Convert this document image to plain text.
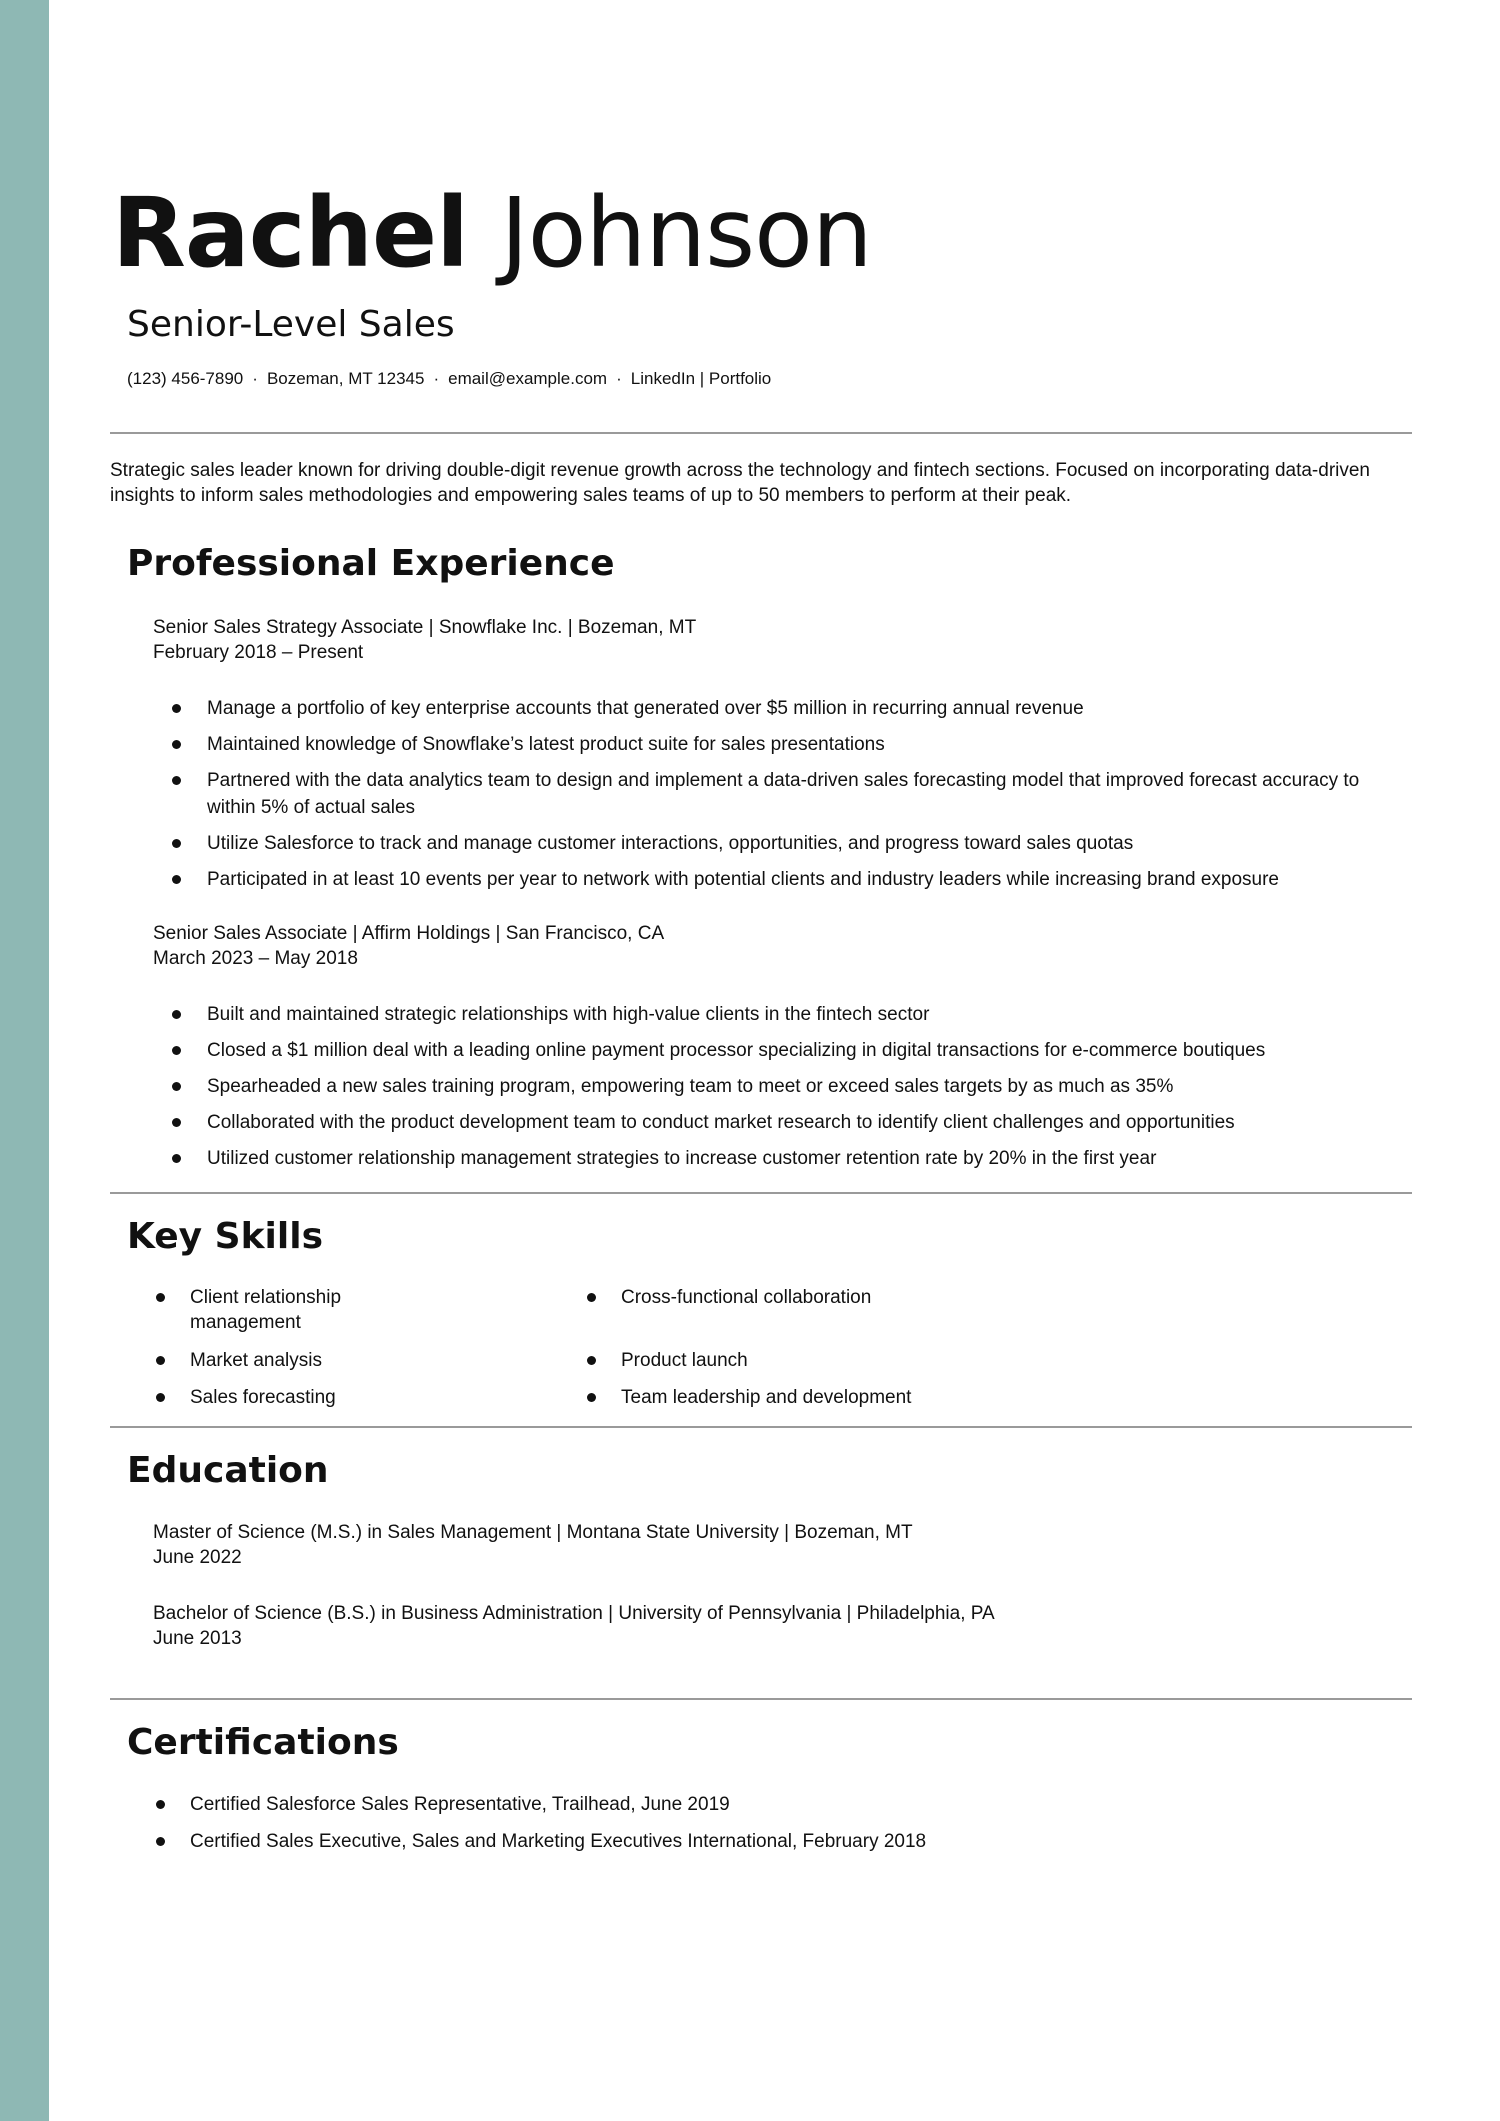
Rachel Johnson
Senior-Level Sales
(123) 456-7890 · Bozeman, MT 12345 · email@example.com · LinkedIn | Portfolio

Strategic sales leader known for driving double-digit revenue growth across the technology and fintech sections. Focused on incorporating data-driven insights to inform sales methodologies and empowering sales teams of up to 50 members to perform at their peak.

Professional Experience
Senior Sales Strategy Associate | Snowflake Inc. | Bozeman, MT
February 2018 – Present
Manage a portfolio of key enterprise accounts that generated over $5 million in recurring annual revenue
Maintained knowledge of Snowflake’s latest product suite for sales presentations
Partnered with the data analytics team to design and implement a data-driven sales forecasting model that improved forecast accuracy to within 5% of actual sales
Utilize Salesforce to track and manage customer interactions, opportunities, and progress toward sales quotas
Participated in at least 10 events per year to network with potential clients and industry leaders while increasing brand exposure
Senior Sales Associate | Affirm Holdings | San Francisco, CA
March 2023 – May 2018
Built and maintained strategic relationships with high-value clients in the fintech sector
Closed a $1 million deal with a leading online payment processor specializing in digital transactions for e-commerce boutiques
Spearheaded a new sales training program, empowering team to meet or exceed sales targets by as much as 35%
Collaborated with the product development team to conduct market research to identify client challenges and opportunities
Utilized customer relationship management strategies to increase customer retention rate by 20% in the first year
Key Skills
Client relationship management
Cross-functional collaboration
Market analysis	Product launch
Sales forecasting	Team leadership and development
Education
Master of Science (M.S.) in Sales Management | Montana State University | Bozeman, MT
June 2022
Bachelor of Science (B.S.) in Business Administration | University of Pennsylvania | Philadelphia, PA
June 2013
Certifications
Certified Salesforce Sales Representative, Trailhead, June 2019
Certified Sales Executive, Sales and Marketing Executives International, February 2018
